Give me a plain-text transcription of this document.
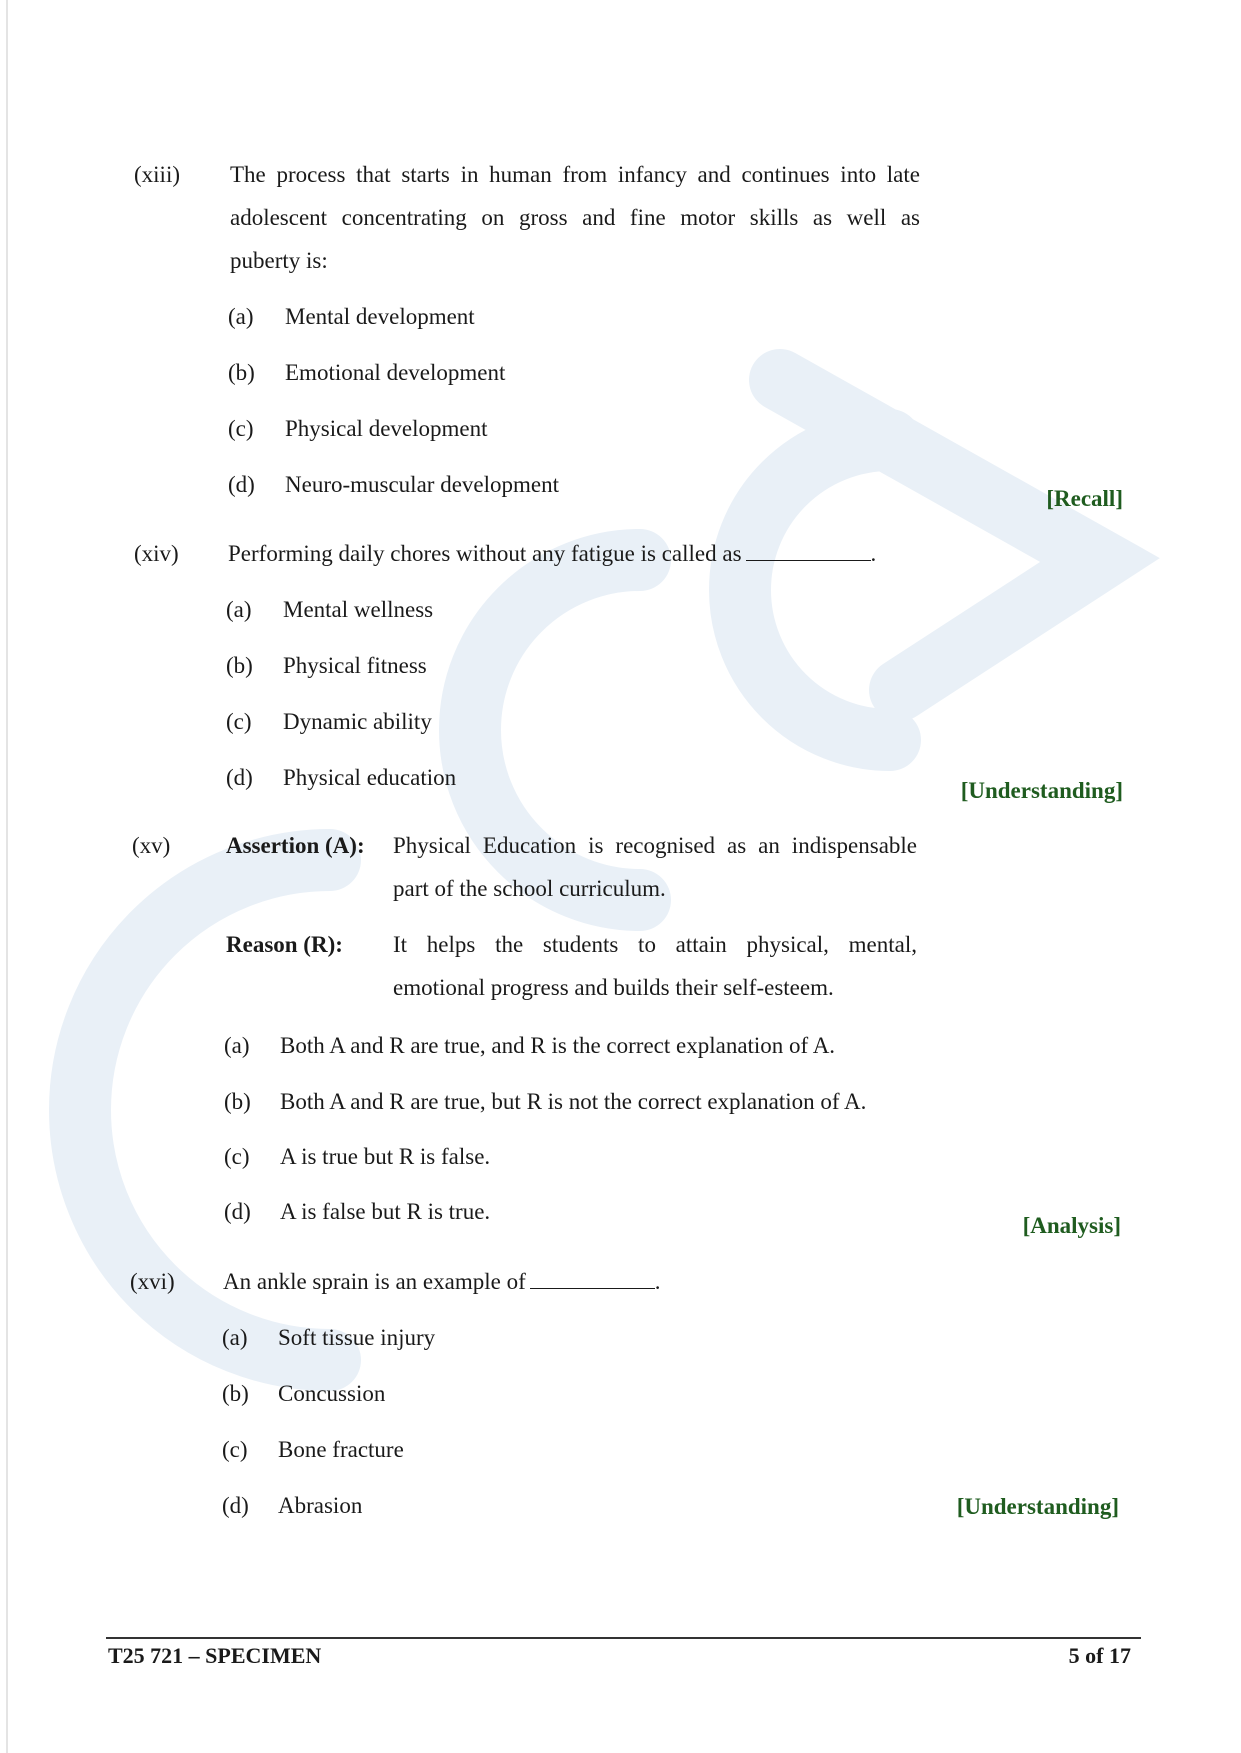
(xiii) The process that starts in human from infancy and continues into late
adolescent concentrating on gross and fine motor skills as well as
puberty is:
(a) Mental development
(b) Emotional development
(c) Physical development
(d) Neuro-muscular development
[Recall]
(xiv) Performing daily chores without any fatigue is called as	.
(a) Mental wellness
(b) Physical fitness
(c) Dynamic ability
(d) Physical education
[Understanding]
(xv) Assertion (A): Physical Education is recognised as an indispensable
part of the school curriculum.
Reason (R): It helps the students to attain physical, mental,
emotional progress and builds their self-esteem.
(a) Both A and R are true, and R is the correct explanation of A.
(b) Both A and R are true, but R is not the correct explanation of A.
(c) A is true but R is false.
(d) A is false but R is true.
[Analysis]
(xvi) An ankle sprain is an example of	.
(a) Soft tissue injury
(b) Concussion
(c) Bone fracture
(d) Abrasion	[Understanding]
T25 721 – SPECIMEN	5 of 17
